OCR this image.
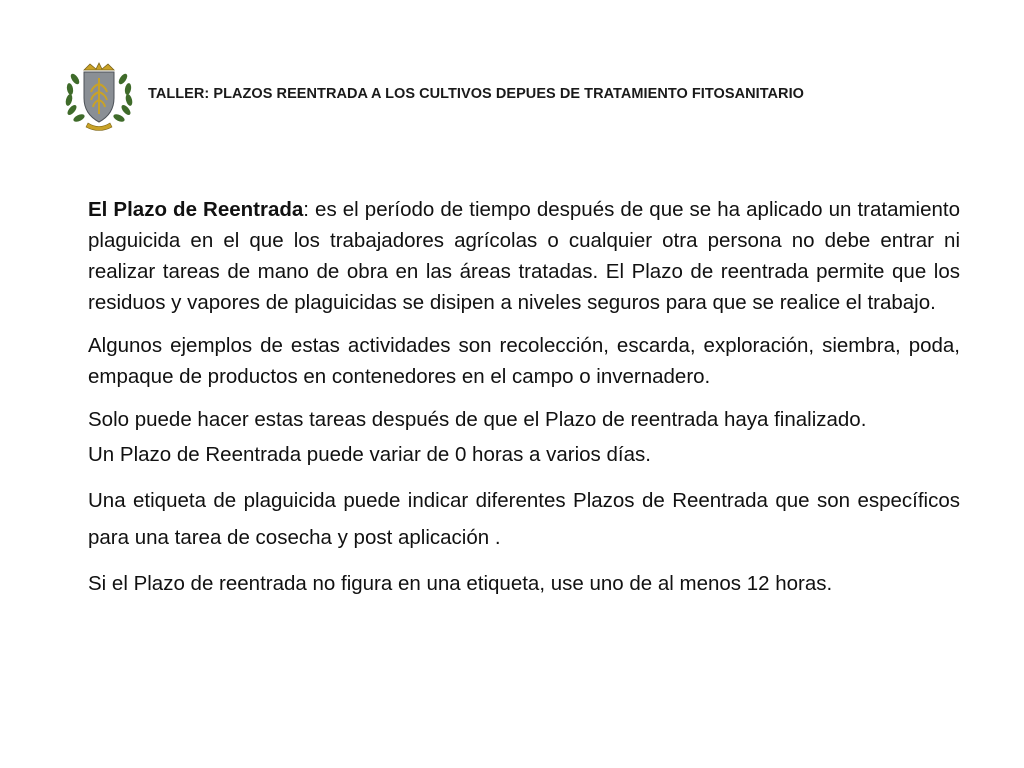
TALLER: PLAZOS REENTRADA A LOS CULTIVOS DEPUES DE TRATAMIENTO FITOSANITARIO

El Plazo de Reentrada: es el período de tiempo después de que se ha aplicado un tratamiento plaguicida en el que los trabajadores agrícolas o cualquier otra persona no debe entrar ni realizar tareas de mano de obra en las áreas tratadas. El Plazo de reentrada permite que los residuos y vapores de plaguicidas se disipen a niveles seguros para que se realice el trabajo.

Algunos ejemplos de estas actividades son recolección, escarda, exploración, siembra, poda, empaque de productos en contenedores en el campo o invernadero.

Solo puede hacer estas tareas después de que el Plazo de reentrada haya finalizado.
Un Plazo de Reentrada puede variar de 0 horas a varios días.

Una etiqueta de plaguicida puede indicar diferentes Plazos de Reentrada que son específicos para una tarea de cosecha y post aplicación .

Si el Plazo de reentrada no figura en una etiqueta, use uno de al menos 12 horas.
